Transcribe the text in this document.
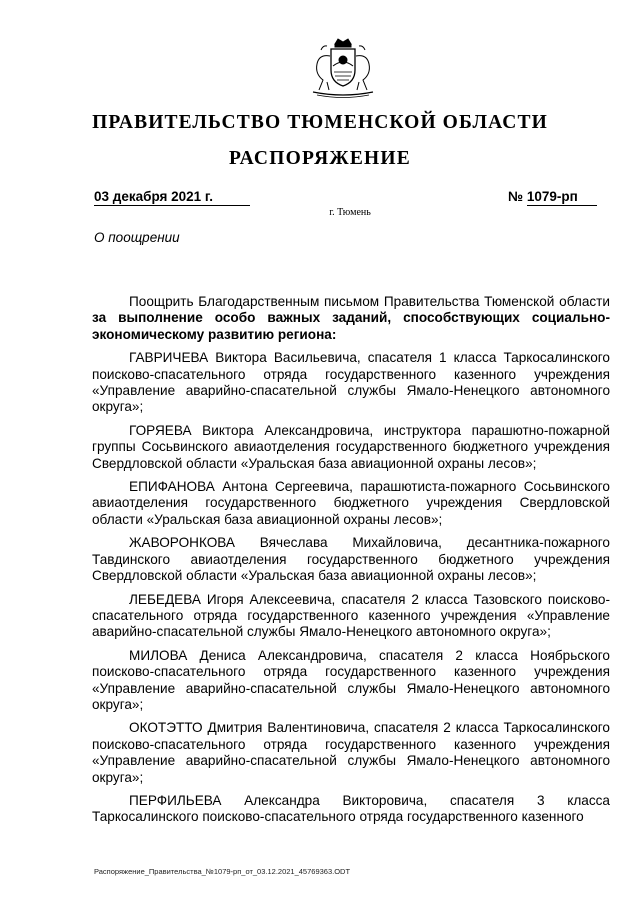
ПРАВИТЕЛЬСТВО ТЮМЕНСКОЙ ОБЛАСТИ
РАСПОРЯЖЕНИЕ
03 декабря 2021 г.	№ 1079-рп
г. Тюмень
О поощрении

Поощрить Благодарственным письмом Правительства Тюменской области за выполнение особо важных заданий, способствующих социально-экономическому развитию региона:

ГАВРИЧЕВА Виктора Васильевича, спасателя 1 класса Таркосалинского поисково-спасательного отряда государственного казенного учреждения «Управление аварийно-спасательной службы Ямало-Ненецкого автономного округа»;

ГОРЯЕВА Виктора Александровича, инструктора парашютно-пожарной группы Сосьвинского авиаотделения государственного бюджетного учреждения Свердловской области «Уральская база авиационной охраны лесов»;

ЕПИФАНОВА Антона Сергеевича, парашютиста-пожарного Сосьвинского авиаотделения государственного бюджетного учреждения Свердловской области «Уральская база авиационной охраны лесов»;

ЖАВОРОНКОВА Вячеслава Михайловича, десантника-пожарного Тавдинского авиаотделения государственного бюджетного учреждения Свердловской области «Уральская база авиационной охраны лесов»;

ЛЕБЕДЕВА Игоря Алексеевича, спасателя 2 класса Тазовского поисково-спасательного отряда государственного казенного учреждения «Управление аварийно-спасательной службы Ямало-Ненецкого автономного округа»;

МИЛОВА Дениса Александровича, спасателя 2 класса Ноябрьского поисково-спасательного отряда государственного казенного учреждения «Управление аварийно-спасательной службы Ямало-Ненецкого автономного округа»;

ОКОТЭТТО Дмитрия Валентиновича, спасателя 2 класса Таркосалинского поисково-спасательного отряда государственного казенного учреждения «Управление аварийно-спасательной службы Ямало-Ненецкого автономного округа»;

ПЕРФИЛЬЕВА Александра Викторовича, спасателя 3 класса Таркосалинского поисково-спасательного отряда государственного казенного

Распоряжение_Правительства_№1079-рп_от_03.12.2021_45769363.ODT
